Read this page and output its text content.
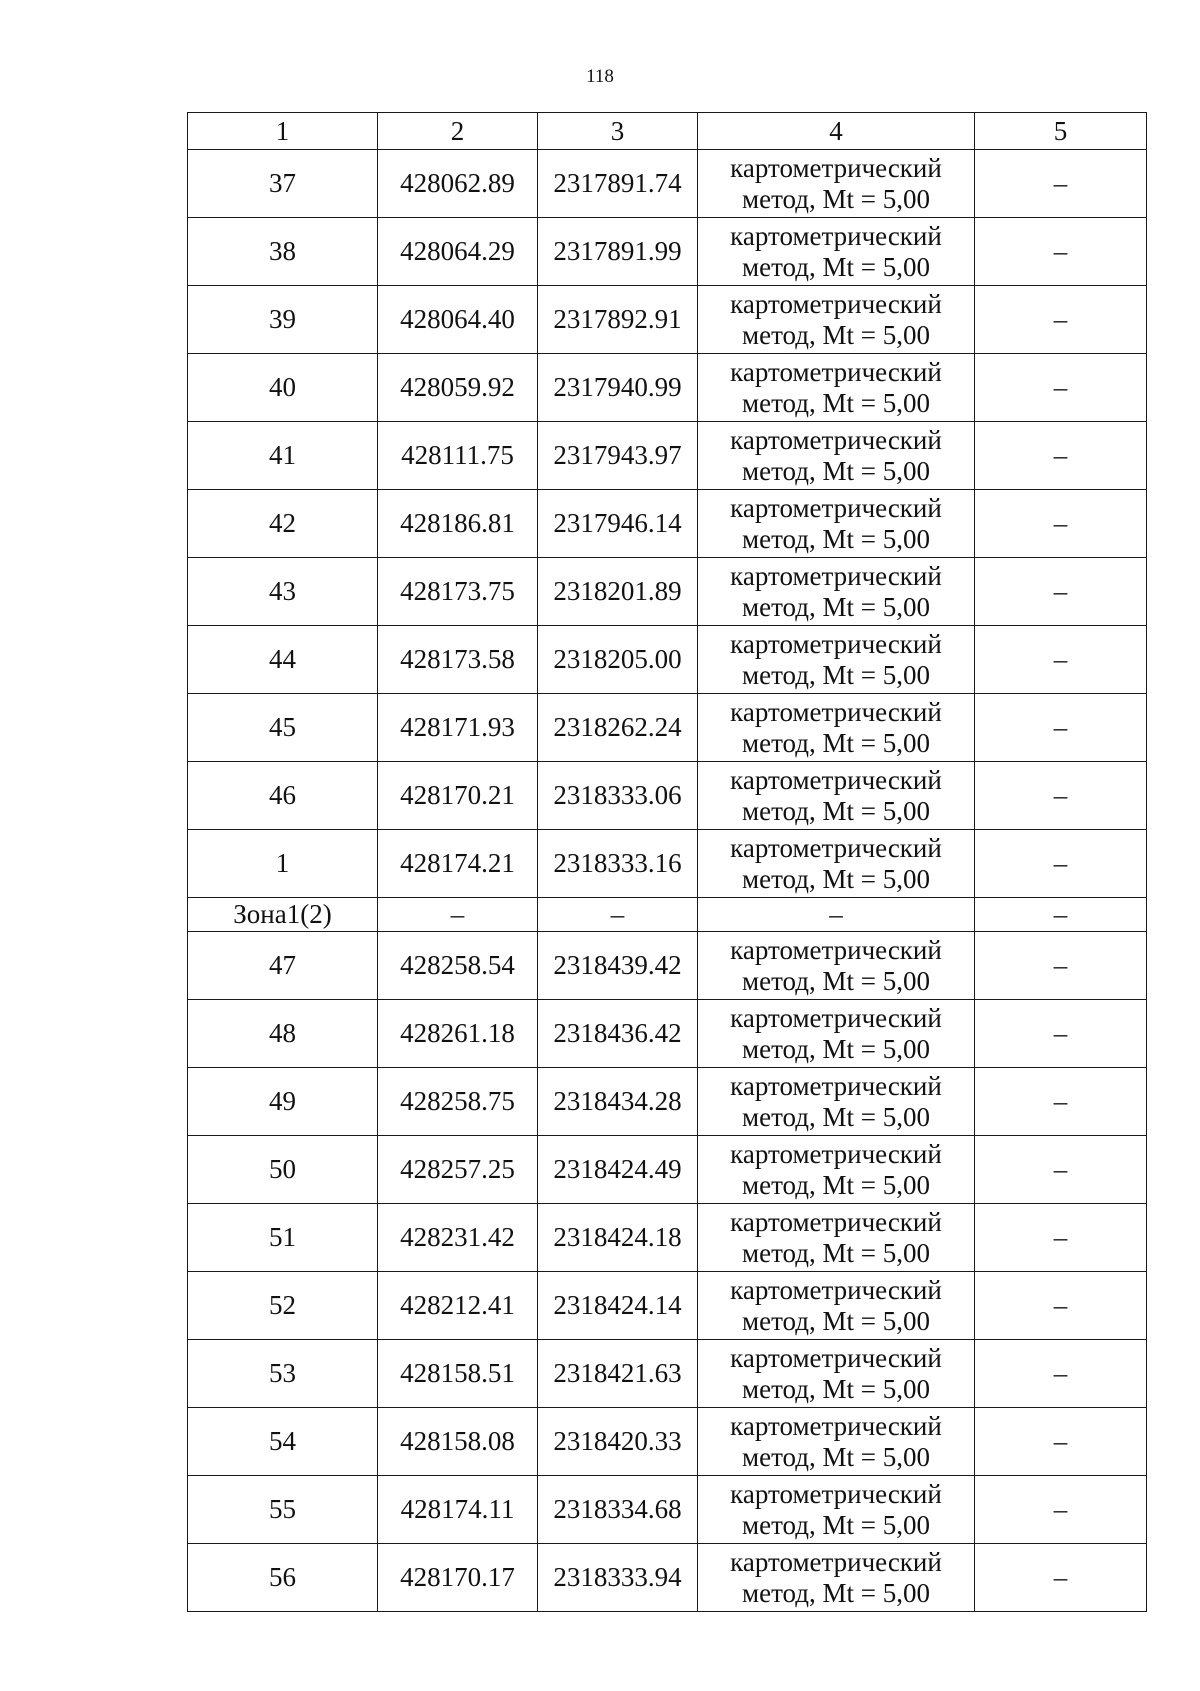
118
1	2	3	4	5
37	428062.89	2317891.74	картометрический метод, Mt = 5,00	–
38	428064.29	2317891.99	картометрический метод, Mt = 5,00	–
39	428064.40	2317892.91	картометрический метод, Mt = 5,00	–
40	428059.92	2317940.99	картометрический метод, Mt = 5,00	–
41	428111.75	2317943.97	картометрический метод, Mt = 5,00	–
42	428186.81	2317946.14	картометрический метод, Mt = 5,00	–
43	428173.75	2318201.89	картометрический метод, Mt = 5,00	–
44	428173.58	2318205.00	картометрический метод, Mt = 5,00	–
45	428171.93	2318262.24	картометрический метод, Mt = 5,00	–
46	428170.21	2318333.06	картометрический метод, Mt = 5,00	–
1	428174.21	2318333.16	картометрический метод, Mt = 5,00	–
Зона1(2)	–	–	–	–
47	428258.54	2318439.42	картометрический метод, Mt = 5,00	–
48	428261.18	2318436.42	картометрический метод, Mt = 5,00	–
49	428258.75	2318434.28	картометрический метод, Mt = 5,00	–
50	428257.25	2318424.49	картометрический метод, Mt = 5,00	–
51	428231.42	2318424.18	картометрический метод, Mt = 5,00	–
52	428212.41	2318424.14	картометрический метод, Mt = 5,00	–
53	428158.51	2318421.63	картометрический метод, Mt = 5,00	–
54	428158.08	2318420.33	картометрический метод, Mt = 5,00	–
55	428174.11	2318334.68	картометрический метод, Mt = 5,00	–
56	428170.17	2318333.94	картометрический метод, Mt = 5,00	–
